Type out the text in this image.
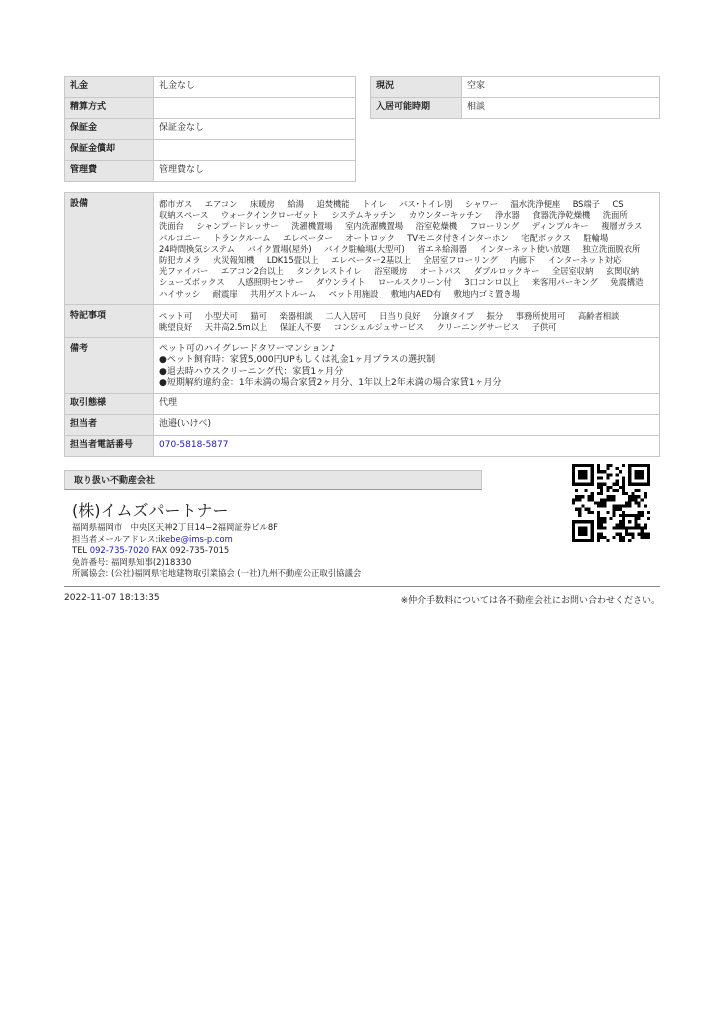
礼金	礼金なし
精算方式	
保証金	保証金なし
保証金償却	
管理費	管理費なし
現況	空家
入居可能時期	相談
設備	都市ガス エアコン 床暖房 給湯 追焚機能 トイレ バス･トイレ別 シャワー 温水洗浄便座 BS端子 CS 収納スペース ウォークインクローゼット システムキッチン カウンターキッチン 浄水器 食器洗浄乾燥機 洗面所 洗面台 シャンプードレッサー 洗濯機置場 室内洗濯機置場 浴室乾燥機 フローリング ディンプルキー 複層ガラス バルコニー トランクルーム エレベーター オートロック TVモニタ付きインターホン 宅配ボックス 駐輪場 24時間換気システム バイク置場(屋外) バイク駐輪場(大型可) 省エネ給湯器 インターネット使い放題 独立洗面脱衣所 防犯カメラ 火災報知機 LDK15畳以上 エレベーター2基以上 全居室フローリング 内廊下 インターネット対応 光ファイバー エアコン2台以上 タンクレストイレ 浴室暖房 オートバス ダブルロックキー 全居室収納 玄関収納 シューズボックス 人感照明センサー ダウンライト ロールスクリーン付 3口コンロ以上 来客用パーキング 免震構造 ハイサッシ 耐震扉 共用ゲストルーム ペット用施設 敷地内AED有 敷地内ゴミ置き場
特記事項	ペット可 小型犬可 猫可 楽器相談 二人入居可 日当り良好 分譲タイプ 振分 事務所使用可 高齢者相談 眺望良好 天井高2.5m以上 保証人不要 コンシェルジュサービス クリーニングサービス 子供可
備考	ペット可のハイグレードタワーマンション♪
●ペット飼育時：家賃5,000円UPもしくは礼金1ヶ月プラスの選択制
●退去時ハウスクリーニング代：家賃1ヶ月分
●短期解約違約金：1年未満の場合家賃2ヶ月分、1年以上2年未満の場合家賃1ヶ月分

取引態様	代理
担当者	池邉(いけべ)
担当者電話番号	070-5818-5877
取り扱い不動産会社
(株)イムズパートナー
福岡県福岡市　中央区天神2丁目14−2福岡証券ビル8F
担当者メールアドレス:ikebe@ims-p.com
TEL 092-735-7020 FAX 092-735-7015
免許番号: 福岡県知事(2)18330
所属協会: (公社)福岡県宅地建物取引業協会 (一社)九州不動産公正取引協議会
2022-11-07 18:13:35	※仲介手数料については各不動産会社にお問い合わせください。
